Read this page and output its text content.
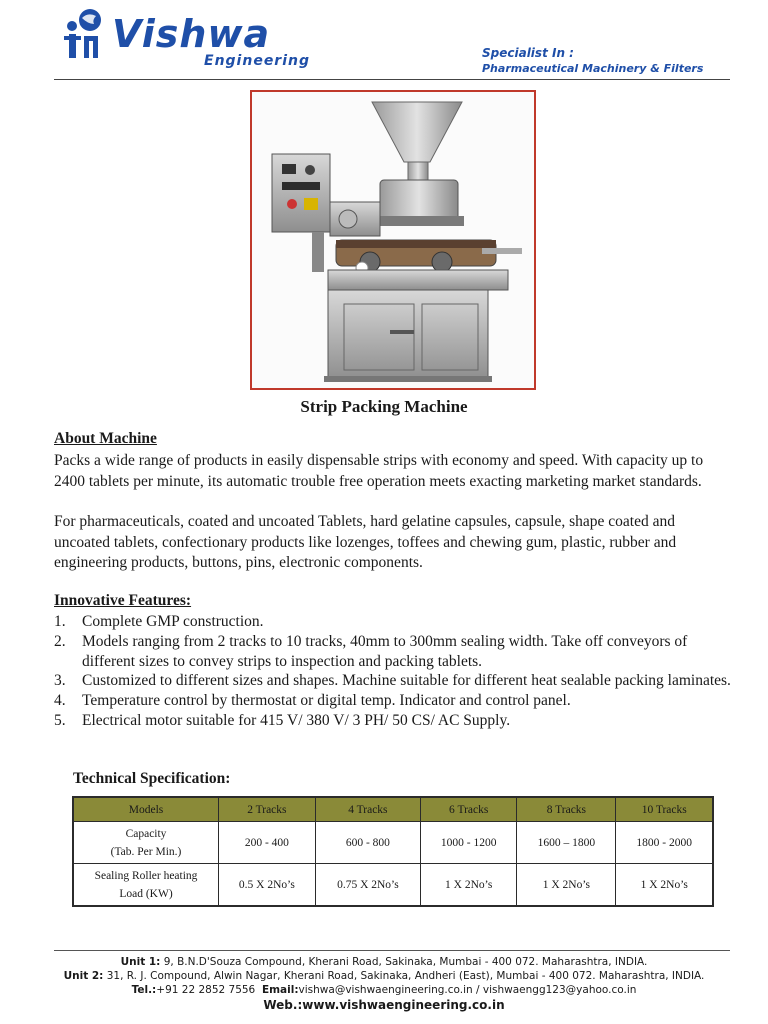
Vishwa
Engineering	Specialist In :
Pharmaceutical Machinery & Filters
Strip Packing Machine
About Machine
Packs a wide range of products in easily dispensable strips with economy and speed. With capacity up to 2400 tablets per minute, its automatic trouble free operation meets exacting marketing market standards.
For pharmaceuticals, coated and uncoated Tablets, hard gelatine capsules, capsule, shape coated and uncoated tablets, confectionary products like lozenges, toffees and chewing gum, plastic, rubber and engineering products, buttons, pins, electronic components.
Innovative Features:
1. Complete GMP construction.
2. Models ranging from 2 tracks to 10 tracks, 40mm to 300mm sealing width. Take off conveyors of different sizes to convey strips to inspection and packing tablets.
3. Customized to different sizes and shapes. Machine suitable for different heat sealable packing laminates.
4. Temperature control by thermostat or digital temp. Indicator and control panel.
5. Electrical motor suitable for 415 V/ 380 V/ 3 PH/ 50 CS/ AC Supply.
Technical Specification:
Models	2 Tracks	4 Tracks	6 Tracks	8 Tracks	10 Tracks
Capacity
(Tab. Per Min.)	200 - 400	600 - 800	1000 - 1200	1600 – 1800	1800 - 2000
Sealing Roller heating
Load (KW)	0.5 X 2No’s	0.75 X 2No’s	1 X 2No’s	1 X 2No’s	1 X 2No’s
Unit 1: 9, B.N.D'Souza Compound, Kherani Road, Sakinaka, Mumbai - 400 072. Maharashtra, INDIA.
Unit 2: 31, R. J. Compound, Alwin Nagar, Kherani Road, Sakinaka, Andheri (East), Mumbai - 400 072. Maharashtra, INDIA.
Tel.:+91 22 2852 7556 Email:vishwa@vishwaengineering.co.in / vishwaengg123@yahoo.co.in
Web.:www.vishwaengineering.co.in
